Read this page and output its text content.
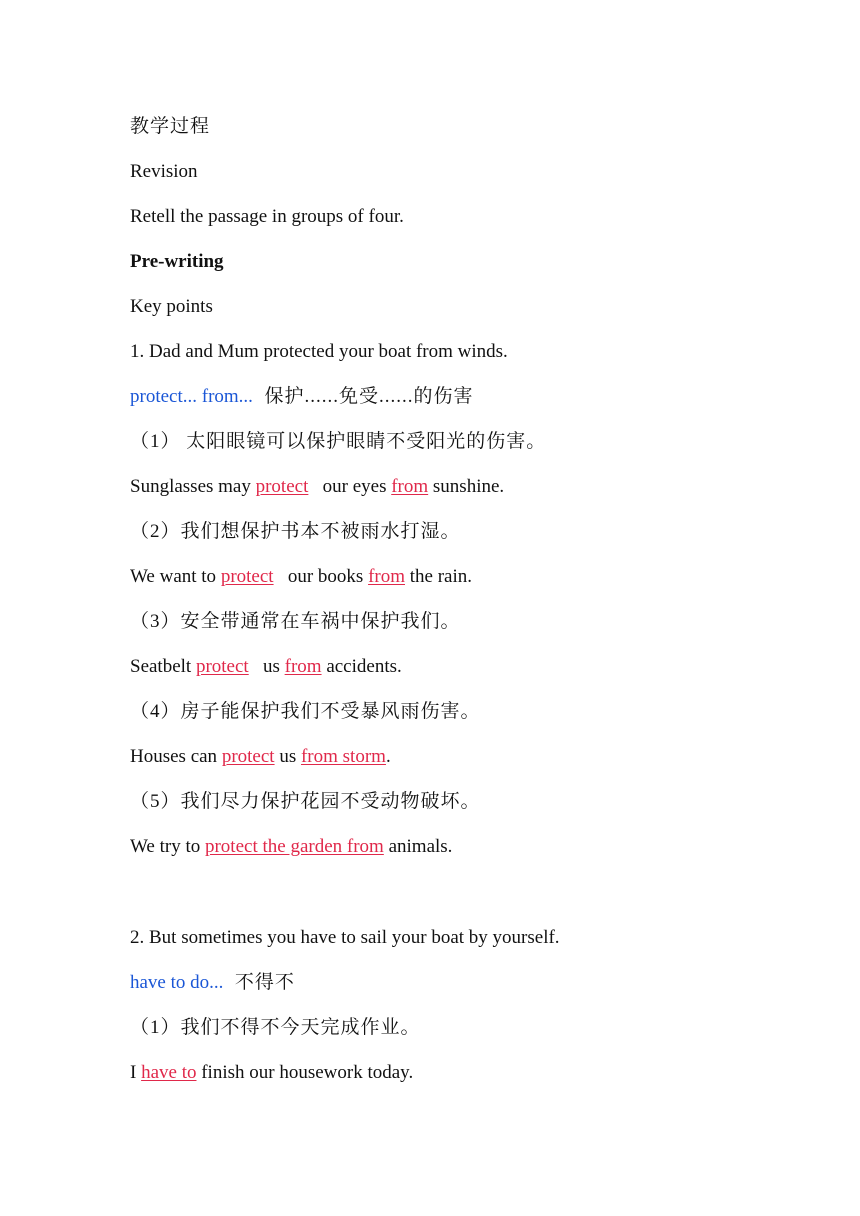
教学过程
Revision
Retell the passage in groups of four.
Pre-writing
Key points
1. Dad and Mum protected your boat from winds.
protect... from...  保护......免受......的伤害
（1） 太阳眼镜可以保护眼睛不受阳光的伤害。
Sunglasses may protect   our eyes from sunshine.
（2）我们想保护书本不被雨水打湿。
We want to protect   our books from the rain.
（3）安全带通常在车祸中保护我们。
Seatbelt protect   us from accidents.
（4）房子能保护我们不受暴风雨伤害。
Houses can protect us from storm.
（5）我们尽力保护花园不受动物破坏。
We try to protect the garden from animals.
2. But sometimes you have to sail your boat by yourself.
have to do...  不得不
（1）我们不得不今天完成作业。
I have to finish our housework today.
